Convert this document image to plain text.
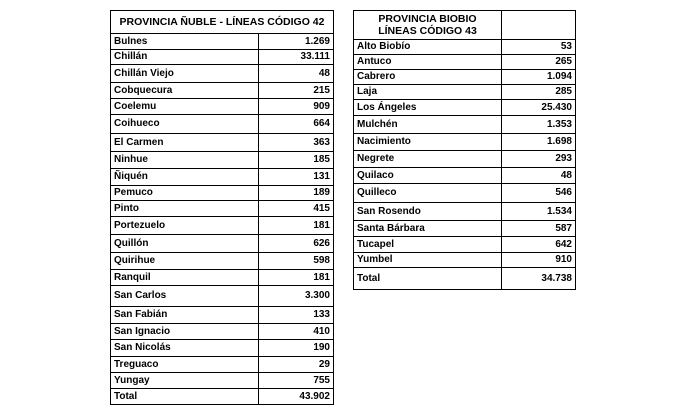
PROVINCIA ÑUBLE - LÍNEAS CÓDIGO 42	
Bulnes	1.269
Chillán	33.111
Chillán Viejo	48
Cobquecura	215
Coelemu	909
Coihueco	664
El Carmen	363
Ninhue	185
Ñiquén	131
Pemuco	189
Pinto	415
Portezuelo	181
Quillón	626
Quirihue	598
Ranquil	181
San Carlos	3.300
San Fabián	133
San Ignacio	410
San Nicolás	190
Treguaco	29
Yungay	755
Total	43.902
PROVINCIA BIOBIO
LÍNEAS CÓDIGO 43	

Alto Biobío	53
Antuco	265
Cabrero	1.094
Laja	285
Los Ángeles	25.430
Mulchén	1.353
Nacimiento	1.698
Negrete	293
Quilaco	48
Quilleco	546
San Rosendo	1.534
Santa Bárbara	587
Tucapel	642
Yumbel	910
Total	34.738
